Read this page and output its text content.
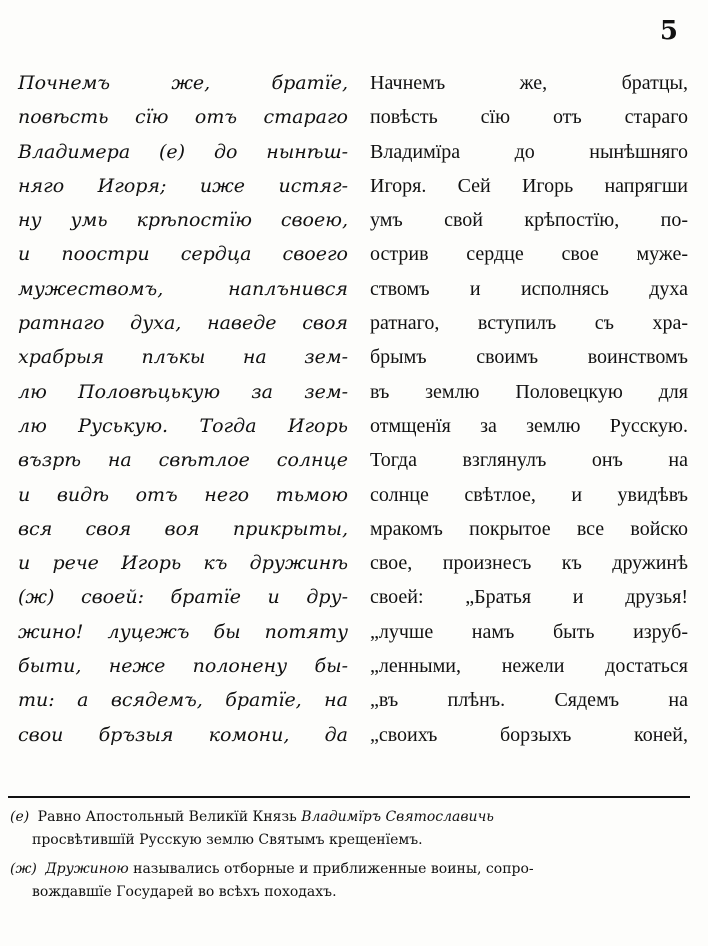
5
Почнемъ же, братїе,
повѣсть сїю отъ стараго
Владимера (е) до нынѣш-
няго Игоря; иже истяг-
ну умь крѣпостїю своею,
и поостри сердца своего
мужествомъ, наплънився
ратнаго духа, наведе своя
храбрыя плъкы на зем-
лю Половѣцькую за зем-
лю Руськую. Тогда Игорь
възрѣ на свѣтлое солнце
и видѣ отъ него тьмою
вся своя воя прикрыты,
и рече Игорь къ дружинѣ
(ж) своей: братїе и дру-
жино! луцежъ бы потяту
быти, неже полонену бы-
ти: а всядемъ, братїе, на
свои бръзыя комони, да
Начнемъ же, братцы,
повѣсть сїю отъ стараго
Владимїра до нынѣшняго
Игоря. Сей Игорь напрягши
умъ свой крѣпостїю, по-
острив сердце свое муже-
ствомъ и исполнясь духа
ратнаго, вступилъ съ хра-
брымъ своимъ воинствомъ
въ землю Половецкую для
отмщенїя за землю Русскую.
Тогда взглянулъ онъ на
солнце свѣтлое, и увидѣвъ
мракомъ покрытое все войско
свое, произнесъ къ дружинѣ
своей: „Братья и друзья!
„лучше намъ быть изруб-
„ленными, нежели достаться
„въ плѣнъ. Сядемъ на
„своихъ борзыхъ коней,
(е) Равно Апостольный Великїй Князь Владимїръ Святославичь
просвѣтившїй Русскую землю Святымъ крещенїемъ.
(ж) Дружиною назывались отборные и приближенные воины, сопро-
вождавшїе Государей во всѣхъ походахъ.
